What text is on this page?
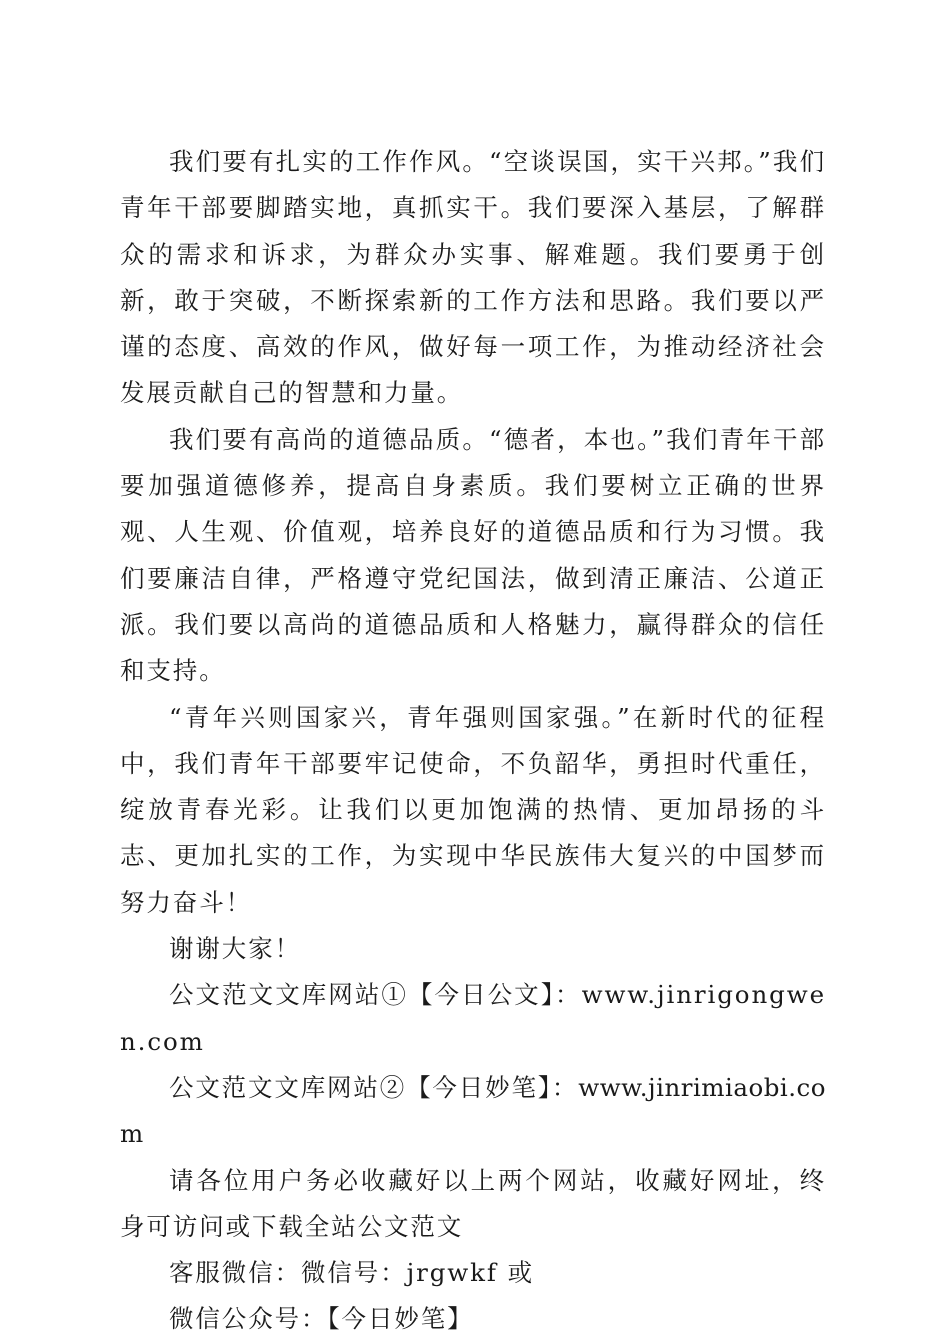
我们要有扎实的工作作风。“空谈误国，实干兴邦。”我们青年干部要脚踏实地，真抓实干。我们要深入基层，了解群众的需求和诉求，为群众办实事、解难题。我们要勇于创新，敢于突破，不断探索新的工作方法和思路。我们要以严谨的态度、高效的作风，做好每一项工作，为推动经济社会发展贡献自己的智慧和力量。

我们要有高尚的道德品质。“德者，本也。”我们青年干部要加强道德修养，提高自身素质。我们要树立正确的世界观、人生观、价值观，培养良好的道德品质和行为习惯。我们要廉洁自律，严格遵守党纪国法，做到清正廉洁、公道正派。我们要以高尚的道德品质和人格魅力，赢得群众的信任和支持。

“青年兴则国家兴，青年强则国家强。”在新时代的征程中，我们青年干部要牢记使命，不负韶华，勇担时代重任，绽放青春光彩。让我们以更加饱满的热情、更加昂扬的斗志、更加扎实的工作，为实现中华民族伟大复兴的中国梦而努力奋斗！

谢谢大家！

公文范文文库网站①【今日公文】：www.jinrigongwen.com

公文范文文库网站②【今日妙笔】：www.jinrimiaobi.com

请各位用户务必收藏好以上两个网站，收藏好网址，终身可访问或下载全站公文范文

客服微信：微信号：jrgwkf 或

微信公众号：【今日妙笔】
